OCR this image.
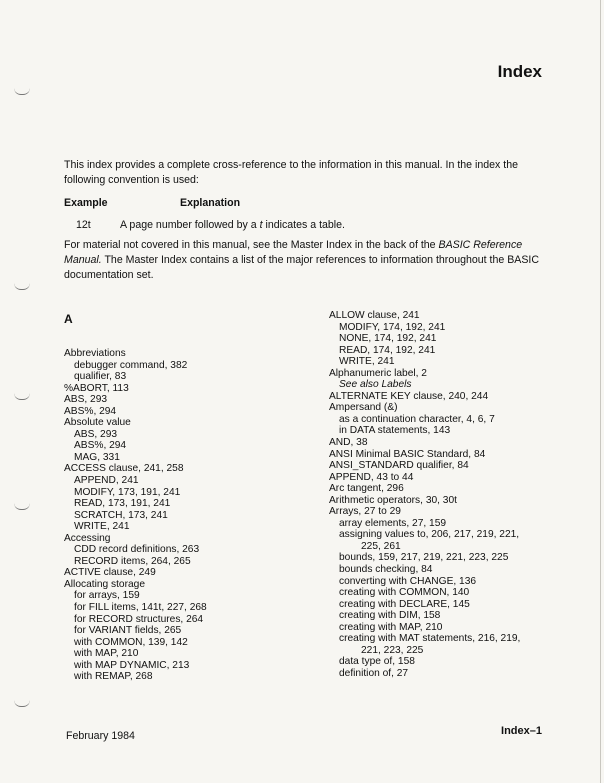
Index

This index provides a complete cross-reference to the information in this manual. In the index the following convention is used:

Example	Explanation
12t	A page number followed by a t indicates a table.

For material not covered in this manual, see the Master Index in the back of the BASIC Reference Manual. The Master Index contains a list of the major references to information throughout the BASIC documentation set.

A
Abbreviations
debugger command, 382
qualifier, 83
%ABORT, 113
ABS, 293
ABS%, 294
Absolute value
ABS, 293
ABS%, 294
MAG, 331
ACCESS clause, 241, 258
APPEND, 241
MODIFY, 173, 191, 241
READ, 173, 191, 241
SCRATCH, 173, 241
WRITE, 241
Accessing
CDD record definitions, 263
RECORD items, 264, 265
ACTIVE clause, 249
Allocating storage
for arrays, 159
for FILL items, 141t, 227, 268
for RECORD structures, 264
for VARIANT fields, 265
with COMMON, 139, 142
with MAP, 210
with MAP DYNAMIC, 213
with REMAP, 268
ALLOW clause, 241
MODIFY, 174, 192, 241
NONE, 174, 192, 241
READ, 174, 192, 241
WRITE, 241
Alphanumeric label, 2
See also Labels
ALTERNATE KEY clause, 240, 244
Ampersand (&)
as a continuation character, 4, 6, 7
in DATA statements, 143
AND, 38
ANSI Minimal BASIC Standard, 84
ANSI_STANDARD qualifier, 84
APPEND, 43 to 44
Arc tangent, 296
Arithmetic operators, 30, 30t
Arrays, 27 to 29
array elements, 27, 159
assigning values to, 206, 217, 219, 221,
225, 261
bounds, 159, 217, 219, 221, 223, 225
bounds checking, 84
converting with CHANGE, 136
creating with COMMON, 140
creating with DECLARE, 145
creating with DIM, 158
creating with MAP, 210
creating with MAT statements, 216, 219,
221, 223, 225
data type of, 158
definition of, 27
February 1984	Index–1
